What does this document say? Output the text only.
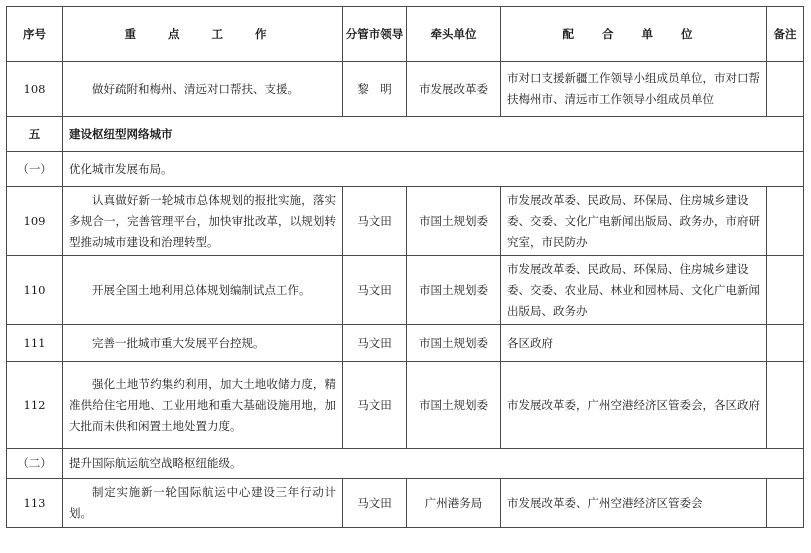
序号	重 点 工 作	分管市领导	牵头单位	配 合 单 位	备注
108	做好疏附和梅州、清远对口帮扶、支援。	黎　明	市发展改革委	市对口支援新疆工作领导小组成员单位，市对口帮扶梅州市、清远市工作领导小组成员单位	
五	建设枢纽型网络城市				
（一）	优化城市发展布局。				
109	认真做好新一轮城市总体规划的报批实施，落实多规合一，完善管理平台，加快审批改革，以规划转型推动城市建设和治理转型。	马文田	市国土规划委	市发展改革委、民政局、环保局、住房城乡建设委、交委、文化广电新闻出版局、政务办，市府研究室，市民防办	
110	开展全国土地利用总体规划编制试点工作。	马文田	市国土规划委	市发展改革委、民政局、环保局、住房城乡建设委、交委、农业局、林业和园林局、文化广电新闻出版局、政务办	
111	完善一批城市重大发展平台控规。	马文田	市国土规划委	各区政府	
112	强化土地节约集约利用，加大土地收储力度，精准供给住宅用地、工业用地和重大基础设施用地，加大批而未供和闲置土地处置力度。	马文田	市国土规划委	市发展改革委，广州空港经济区管委会，各区政府	
（二）	提升国际航运航空战略枢纽能级。				
113	制定实施新一轮国际航运中心建设三年行动计划。	马文田	广州港务局	市发展改革委、广州空港经济区管委会	
